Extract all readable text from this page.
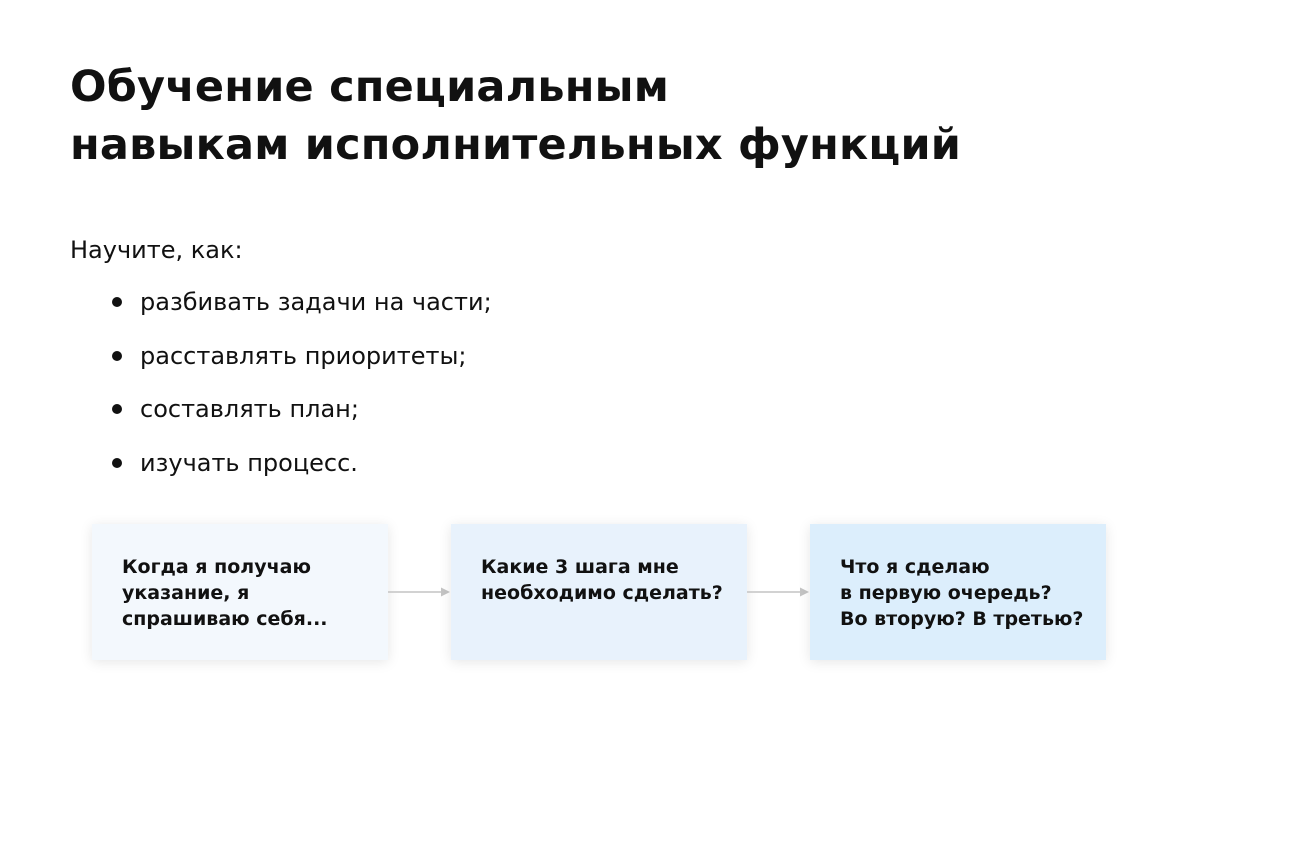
Обучение специальным
навыкам исполнительных функций

Научите, как:

разбивать задачи на части;
расставлять приоритеты;
составлять план;
изучать процесс.
Когда я получаю
указание, я
спрашиваю себя...
Какие 3 шага мне
необходимо сделать?
Что я сделаю
в первую очередь?
Во вторую? В третью?
